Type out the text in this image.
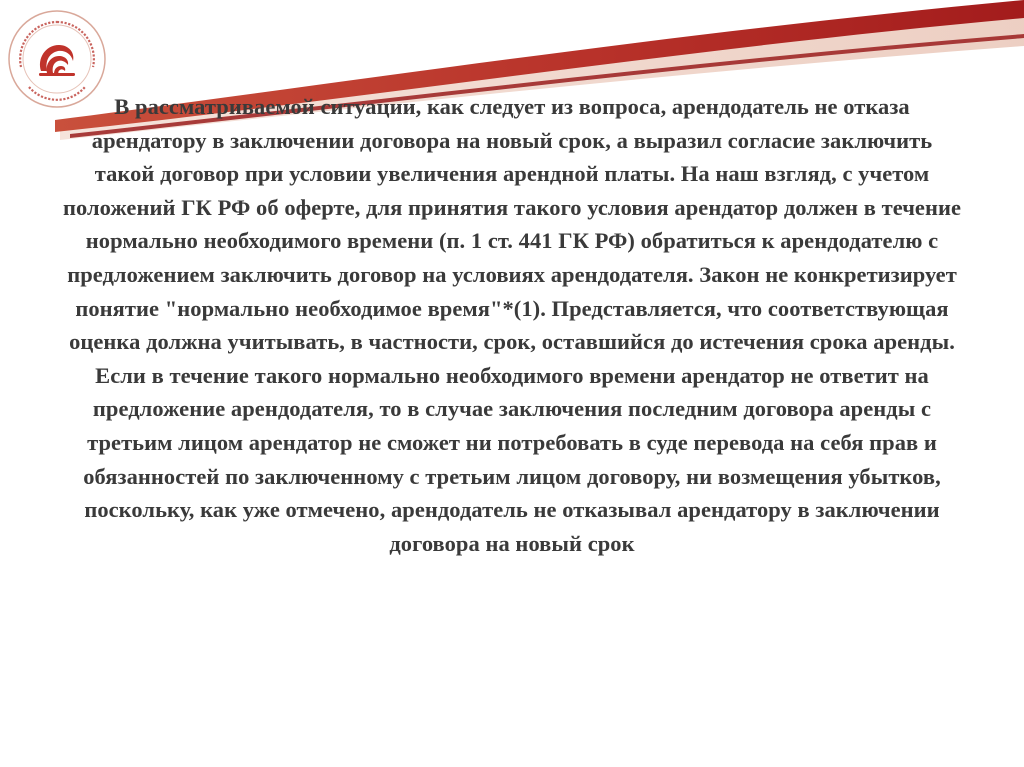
В рассматриваемой ситуации, как следует из вопроса, арендодатель не отказа арендатору в заключении договора на новый срок, а выразил согласие заключить такой договор при условии увеличения арендной платы. На наш взгляд, с учетом положений ГК РФ об оферте, для принятия такого условия арендатор должен в течение нормально необходимого времени (п. 1 ст. 441 ГК РФ) обратиться к арендодателю с предложением заключить договор на условиях арендодателя. Закон не конкретизирует понятие "нормально необходимое время"*(1). Представляется, что соответствующая оценка должна учитывать, в частности, срок, оставшийся до истечения срока аренды. Если в течение такого нормально необходимого времени арендатор не ответит на предложение арендодателя, то в случае заключения последним договора аренды с третьим лицом арендатор не сможет ни потребовать в суде перевода на себя прав и обязанностей по заключенному с третьим лицом договору, ни возмещения убытков, поскольку, как уже отмечено, арендодатель не отказывал арендатору в заключении договора на новый срок
